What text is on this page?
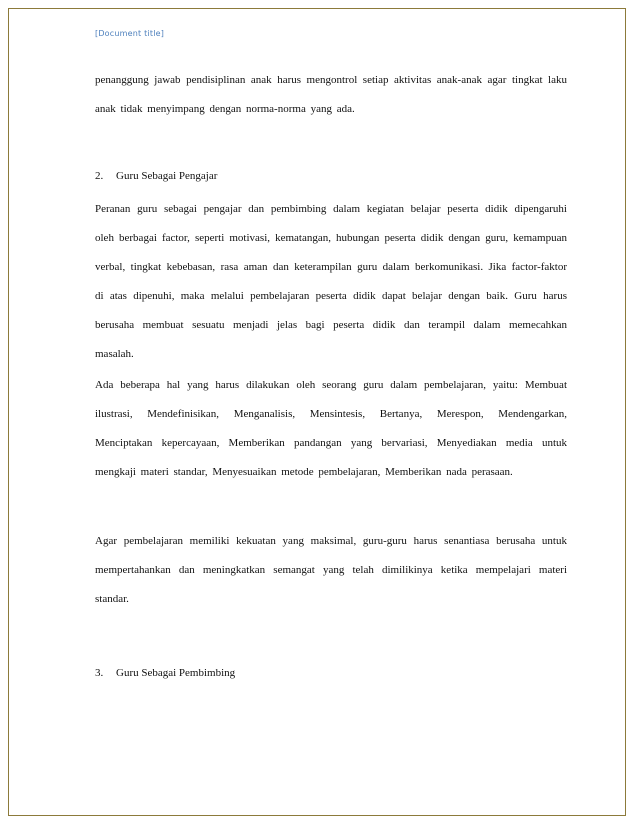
[Document title]

penanggung jawab pendisiplinan anak harus mengontrol setiap aktivitas anak-anak agar tingkat laku anak tidak menyimpang dengan norma-norma yang ada.

2. Guru Sebagai Pengajar

Peranan guru sebagai pengajar dan pembimbing dalam kegiatan belajar peserta didik dipengaruhi oleh berbagai factor, seperti motivasi, kematangan, hubungan peserta didik dengan guru, kemampuan verbal, tingkat kebebasan, rasa aman dan keterampilan guru dalam berkomunikasi. Jika factor-faktor di atas dipenuhi, maka melalui pembelajaran peserta didik dapat belajar dengan baik. Guru harus berusaha membuat sesuatu menjadi jelas bagi peserta didik dan terampil dalam memecahkan masalah.

Ada beberapa hal yang harus dilakukan oleh seorang guru dalam pembelajaran, yaitu: Membuat ilustrasi, Mendefinisikan, Menganalisis, Mensintesis, Bertanya, Merespon, Mendengarkan, Menciptakan kepercayaan, Memberikan pandangan yang bervariasi, Menyediakan media untuk mengkaji materi standar, Menyesuaikan metode pembelajaran, Memberikan nada perasaan.

Agar pembelajaran memiliki kekuatan yang maksimal, guru-guru harus senantiasa berusaha untuk mempertahankan dan meningkatkan semangat yang telah dimilikinya ketika mempelajari materi standar.

3. Guru Sebagai Pembimbing
